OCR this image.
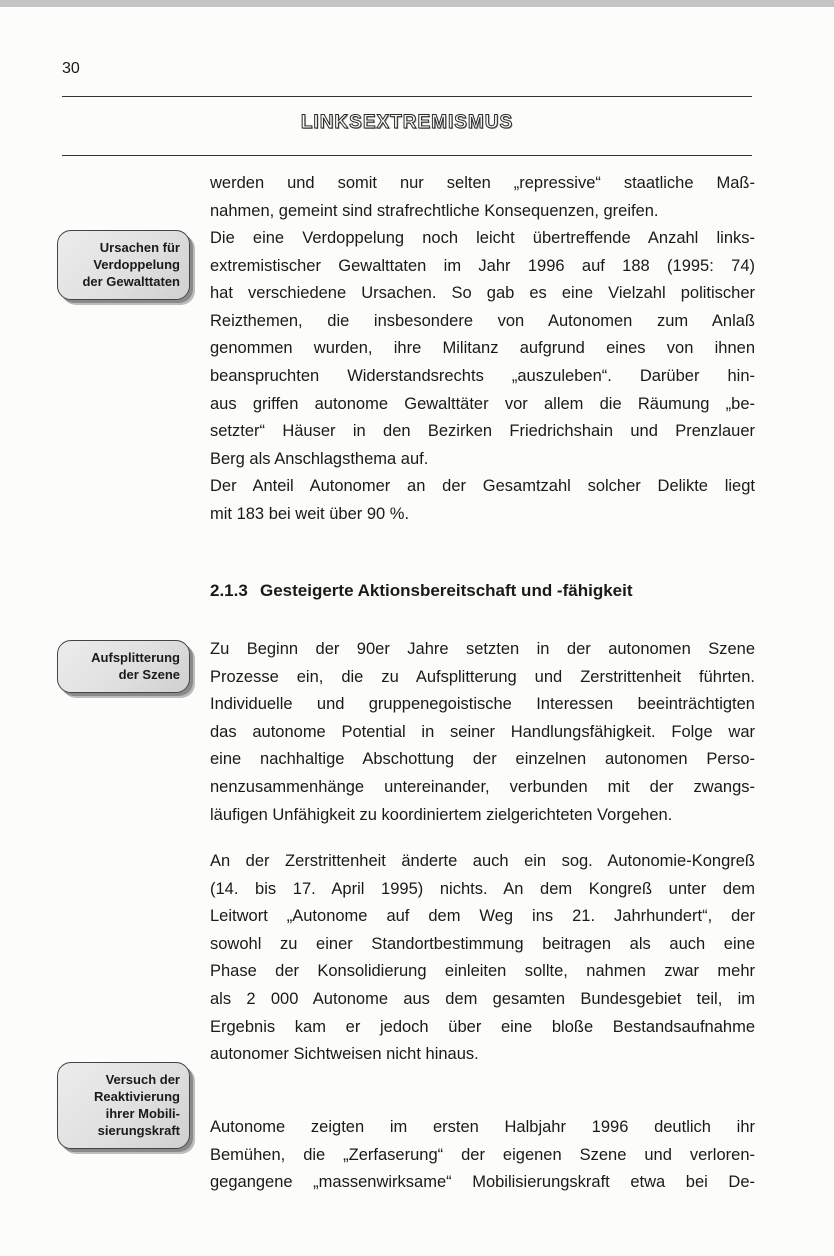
30
LINKSEXTREMISMUS
Ursachen für
Verdoppelung
der Gewalttaten
Aufsplitterung
der Szene
Versuch der
Reaktivierung
ihrer Mobili-
sierungskraft
werden und somit nur selten „repressive“ staatliche Maß-
nahmen, gemeint sind strafrechtliche Konsequenzen, greifen.
Die eine Verdoppelung noch leicht übertreffende Anzahl links-
extremistischer Gewalttaten im Jahr 1996 auf 188 (1995: 74)
hat verschiedene Ursachen. So gab es eine Vielzahl politischer
Reizthemen, die insbesondere von Autonomen zum Anlaß
genommen wurden, ihre Militanz aufgrund eines von ihnen
beanspruchten Widerstandsrechts „auszuleben“. Darüber hin-
aus griffen autonome Gewalttäter vor allem die Räumung „be-
setzter“ Häuser in den Bezirken Friedrichshain und Prenzlauer
Berg als Anschlagsthema auf.
Der Anteil Autonomer an der Gesamtzahl solcher Delikte liegt
mit 183 bei weit über 90 %.
2.1.3 Gesteigerte Aktionsbereitschaft und -fähigkeit
Zu Beginn der 90er Jahre setzten in der autonomen Szene
Prozesse ein, die zu Aufsplitterung und Zerstrittenheit führten.
Individuelle und gruppenegoistische Interessen beeinträchtigten
das autonome Potential in seiner Handlungsfähigkeit. Folge war
eine nachhaltige Abschottung der einzelnen autonomen Perso-
nenzusammenhänge untereinander, verbunden mit der zwangs-
läufigen Unfähigkeit zu koordiniertem zielgerichteten Vorgehen.
An der Zerstrittenheit änderte auch ein sog. Autonomie-Kongreß
(14. bis 17. April 1995) nichts. An dem Kongreß unter dem
Leitwort „Autonome auf dem Weg ins 21. Jahrhundert“, der
sowohl zu einer Standortbestimmung beitragen als auch eine
Phase der Konsolidierung einleiten sollte, nahmen zwar mehr
als 2 000 Autonome aus dem gesamten Bundesgebiet teil, im
Ergebnis kam er jedoch über eine bloße Bestandsaufnahme
autonomer Sichtweisen nicht hinaus.
Autonome zeigten im ersten Halbjahr 1996 deutlich ihr
Bemühen, die „Zerfaserung“ der eigenen Szene und verloren-
gegangene „massenwirksame“ Mobilisierungskraft etwa bei De-
